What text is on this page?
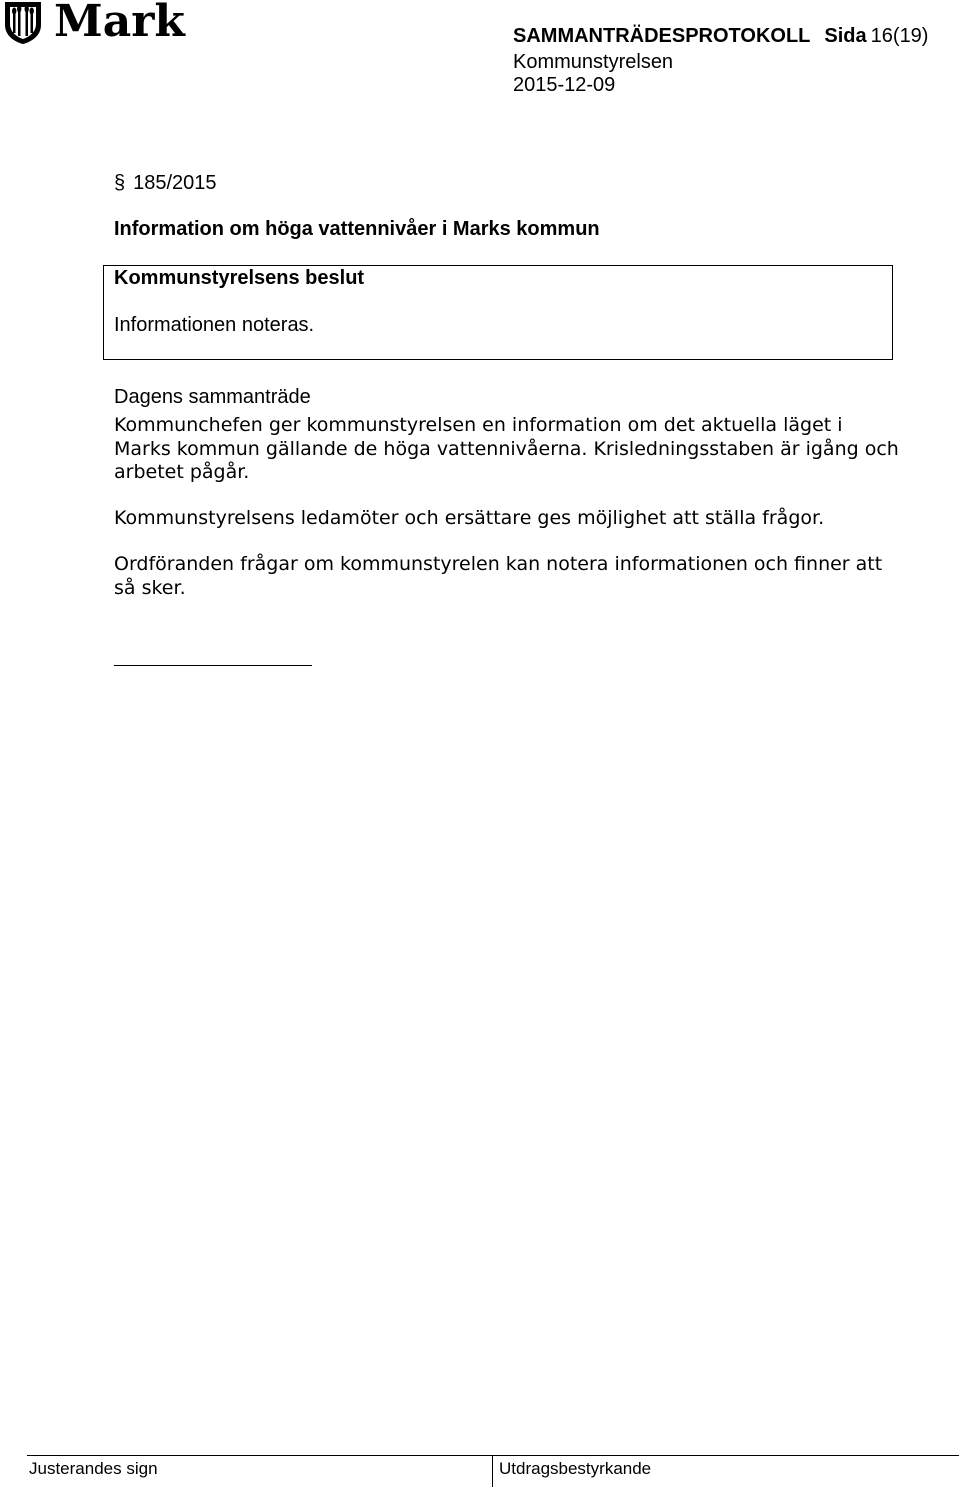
Mark	SAMMANTRÄDESPROTOKOLL Sida 16(19)
Kommunstyrelsen
2015-12-09
§ 185/2015
Information om höga vattennivåer i Marks kommun
Kommunstyrelsens beslut
Informationen noteras.
Dagens sammanträde
Kommunchefen ger kommunstyrelsen en information om det aktuella läget i Marks kommun gällande de höga vattennivåerna. Krisledningsstaben är igång och arbetet pågår.
Kommunstyrelsens ledamöter och ersättare ges möjlighet att ställa frågor.
Ordföranden frågar om kommunstyrelen kan notera informationen och finner att så sker.
Justerandes sign	Utdragsbestyrkande
